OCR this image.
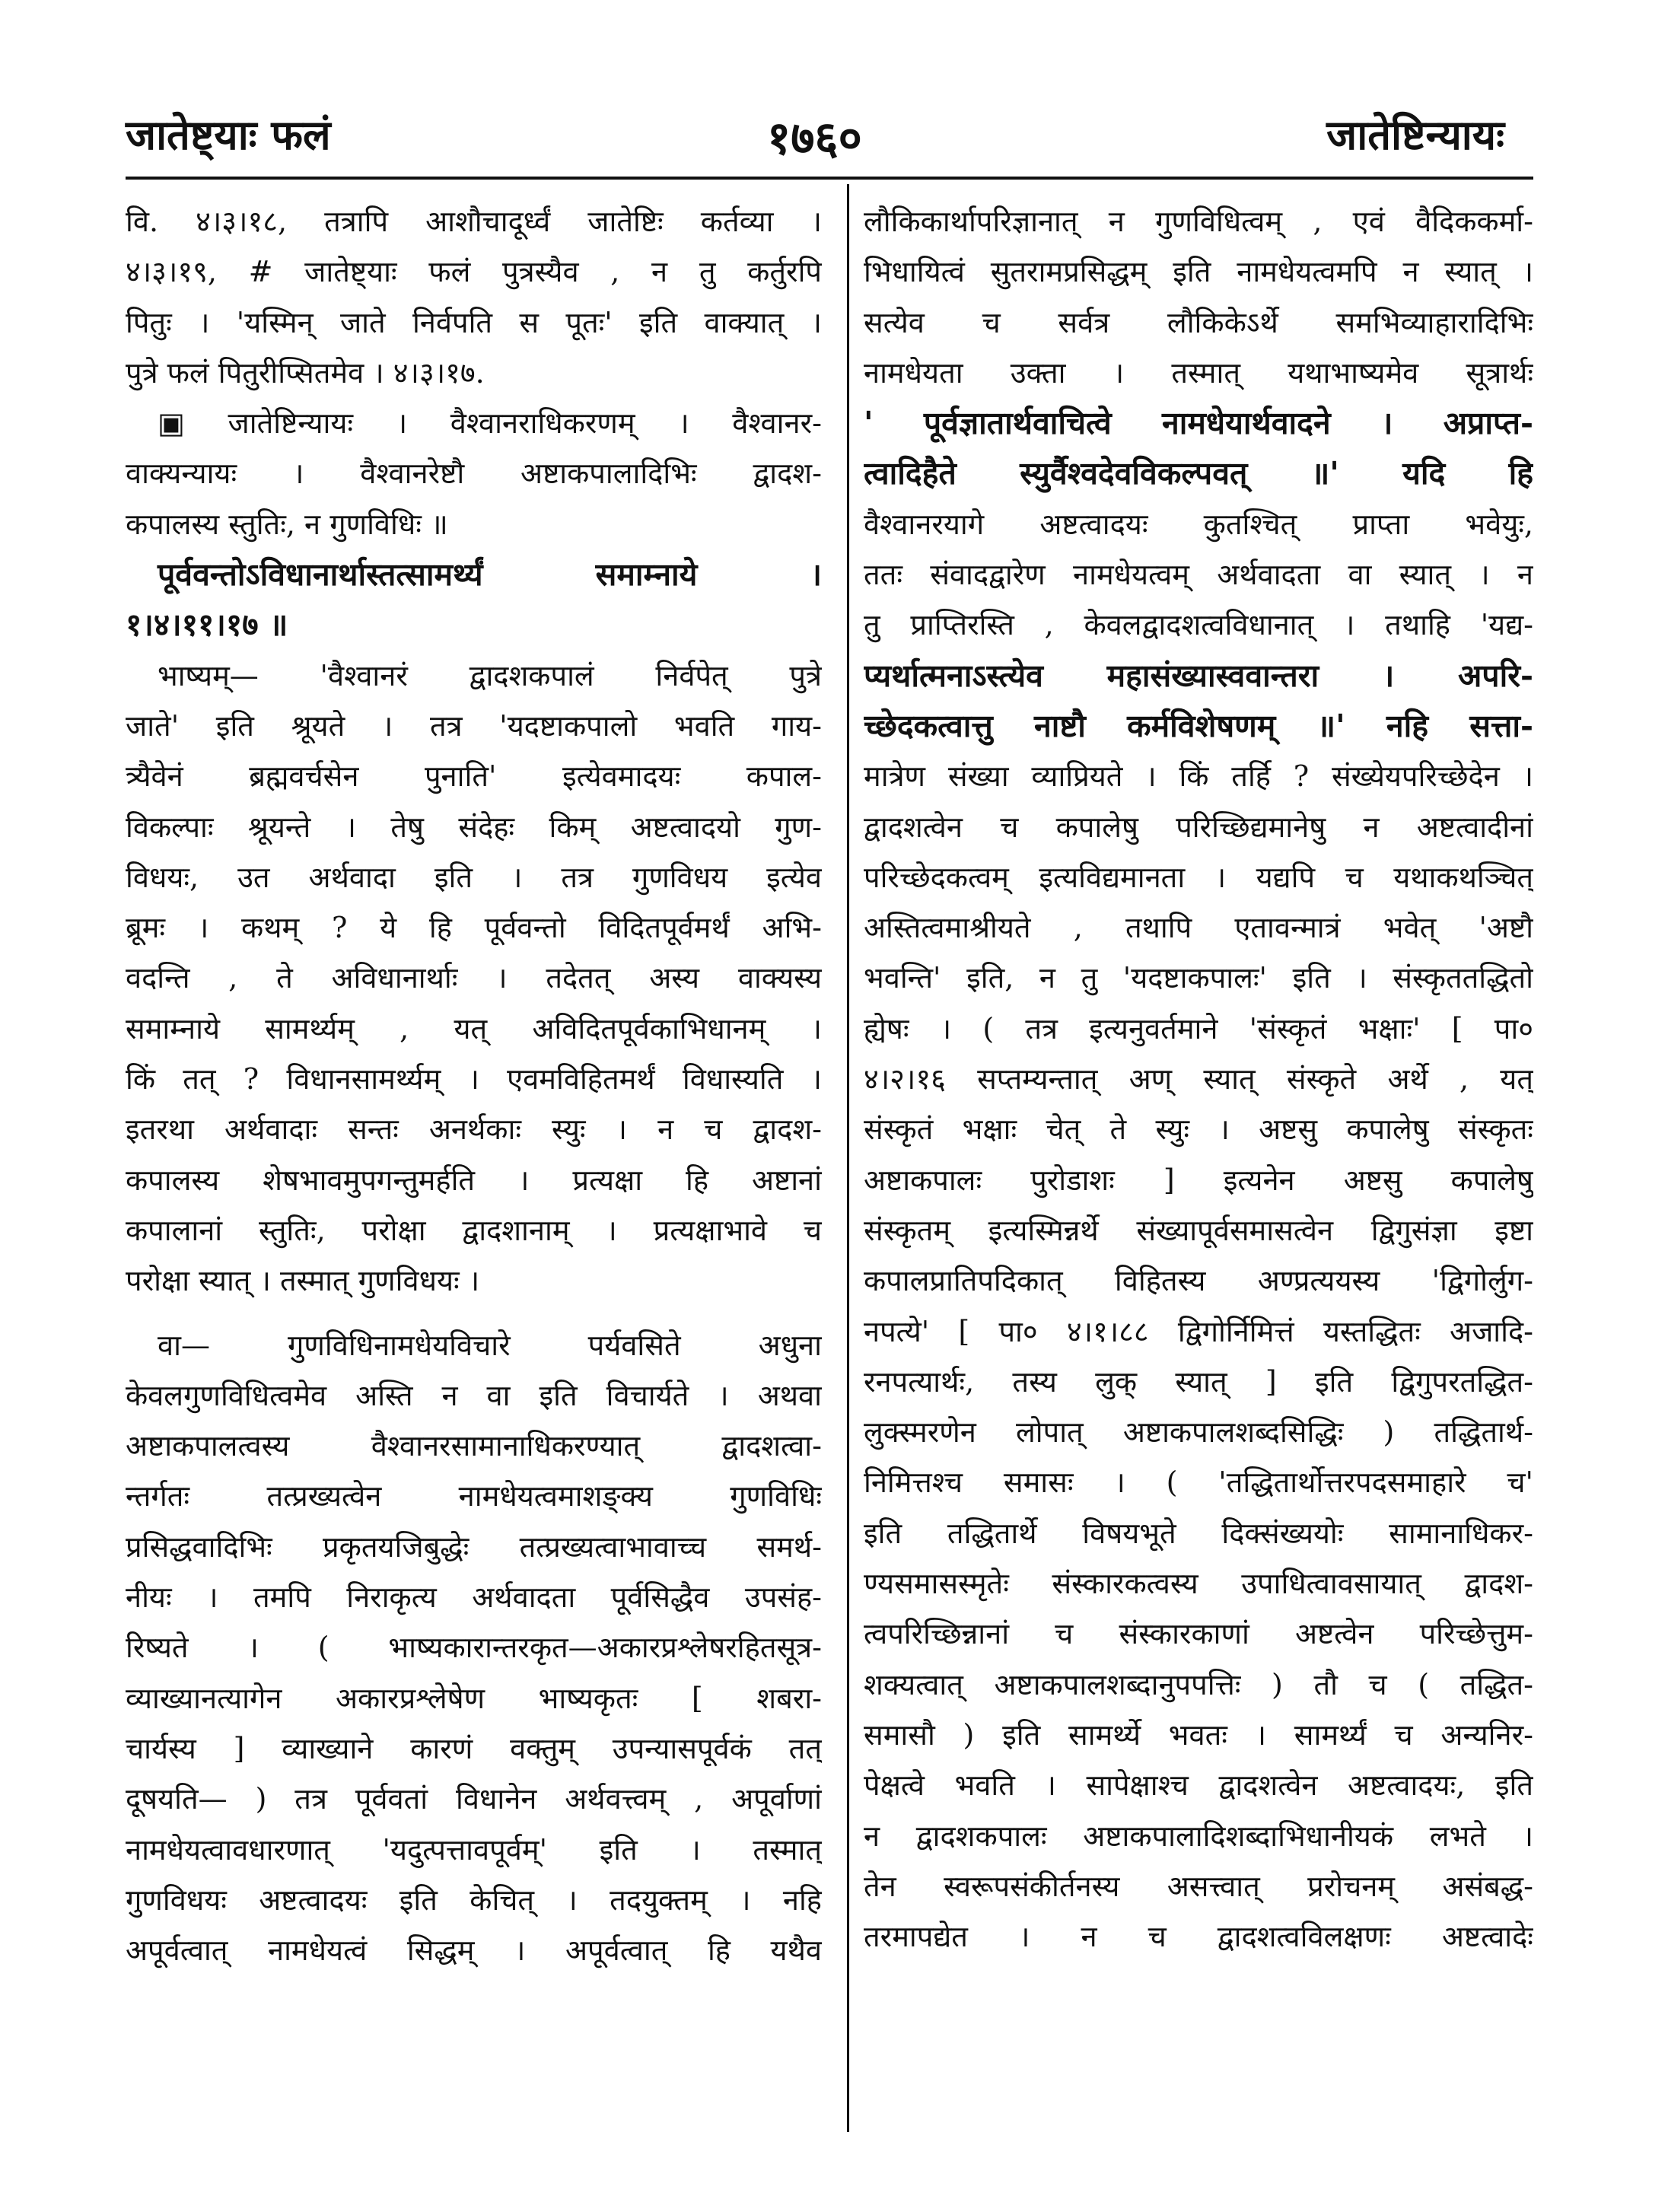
जातेष्ट्याः फलं	१७६०	जातेष्टिन्यायः
वि. ४।३।१८, तत्रापि आशौचादूर्ध्वं जातेष्टिः कर्तव्या ।
४।३।१९, # जातेष्ट्याः फलं पुत्रस्यैव , न तु कर्तुरपि
पितुः । 'यस्मिन् जाते निर्वपति स पूतः' इति वाक्यात् ।
पुत्रे फलं पितुरीप्सितमेव । ४।३।१७.
▣ जातेष्टिन्यायः । वैश्वानराधिकरणम् । वैश्वानर-
वाक्यन्यायः । वैश्वानरेष्टौ अष्टाकपालादिभिः द्वादश-
कपालस्य स्तुतिः, न गुणविधिः ॥
पूर्ववन्तोऽविधानार्थास्तत्सामर्थ्यं समाम्नाये ।
१।४।११।१७ ॥
भाष्यम्— 'वैश्वानरं द्वादशकपालं निर्वपेत् पुत्रे
जाते' इति श्रूयते । तत्र 'यदष्टाकपालो भवति गाय-
त्र्यैवेनं ब्रह्मवर्चसेन पुनाति' इत्येवमादयः कपाल-
विकल्पाः श्रूयन्ते । तेषु संदेहः किम् अष्टत्वादयो गुण-
विधयः, उत अर्थवादा इति । तत्र गुणविधय इत्येव
ब्रूमः । कथम् ? ये हि पूर्ववन्तो विदितपूर्वमर्थं अभि-
वदन्ति , ते अविधानार्थाः । तदेतत् अस्य वाक्यस्य
समाम्नाये सामर्थ्यम् , यत् अविदितपूर्वकाभिधानम् ।
किं तत् ? विधानसामर्थ्यम् । एवमविहितमर्थं विधास्यति ।
इतरथा अर्थवादाः सन्तः अनर्थकाः स्युः । न च द्वादश-
कपालस्य शेषभावमुपगन्तुमर्हति । प्रत्यक्षा हि अष्टानां
कपालानां स्तुतिः, परोक्षा द्वादशानाम् । प्रत्यक्षाभावे च
परोक्षा स्यात् । तस्मात् गुणविधयः ।
वा— गुणविधिनामधेयविचारे पर्यवसिते अधुना
केवलगुणविधित्वमेव अस्ति न वा इति विचार्यते । अथवा
अष्टाकपालत्वस्य वैश्वानरसामानाधिकरण्यात् द्वादशत्वा-
न्तर्गतः तत्प्रख्यत्वेन नामधेयत्वमाशङ्क्य गुणविधिः
प्रसिद्धवादिभिः प्रकृतयजिबुद्धेः तत्प्रख्यत्वाभावाच्च समर्थ-
नीयः । तमपि निराकृत्य अर्थवादता पूर्वसिद्धैव उपसंह-
रिष्यते । ( भाष्यकारान्तरकृत—अकारप्रश्लेषरहितसूत्र-
व्याख्यानत्यागेन अकारप्रश्लेषेण भाष्यकृतः [ शबरा-
चार्यस्य ] व्याख्याने कारणं वक्तुम् उपन्यासपूर्वकं तत्
दूषयति— ) तत्र पूर्ववतां विधानेन अर्थवत्त्वम् , अपूर्वाणां
नामधेयत्वावधारणात् 'यदुत्पत्तावपूर्वम्' इति । तस्मात्
गुणविधयः अष्टत्वादयः इति केचित् । तदयुक्तम् । नहि
अपूर्वत्वात् नामधेयत्वं सिद्धम् । अपूर्वत्वात् हि यथैव
लौकिकार्थापरिज्ञानात् न गुणविधित्वम् , एवं वैदिककर्मा-
भिधायित्वं सुतरामप्रसिद्धम् इति नामधेयत्वमपि न स्यात् ।
सत्येव च सर्वत्र लौकिकेऽर्थे समभिव्याहारादिभिः
नामधेयता उक्ता । तस्मात् यथाभाष्यमेव सूत्रार्थः
' पूर्वज्ञातार्थवाचित्वे नामधेयार्थवादने । अप्राप्त-
त्वादिहैते स्युर्वैश्वदेवविकल्पवत् ॥' यदि हि
वैश्वानरयागे अष्टत्वादयः कुतश्चित् प्राप्ता भवेयुः,
ततः संवादद्वारेण नामधेयत्वम् अर्थवादता वा स्यात् । न
तु प्राप्तिरस्ति , केवलद्वादशत्वविधानात् । तथाहि 'यद्य-
प्यर्थात्मनाऽस्त्येव महासंख्यास्ववान्तरा । अपरि-
च्छेदकत्वात्तु नाष्टौ कर्मविशेषणम् ॥' नहि सत्ता-
मात्रेण संख्या व्याप्रियते । किं तर्हि ? संख्येयपरिच्छेदेन ।
द्वादशत्वेन च कपालेषु परिच्छिद्यमानेषु न अष्टत्वादीनां
परिच्छेदकत्वम् इत्यविद्यमानता । यद्यपि च यथाकथञ्चित्
अस्तित्वमाश्रीयते , तथापि एतावन्मात्रं भवेत् 'अष्टौ
भवन्ति' इति, न तु 'यदष्टाकपालः' इति । संस्कृततद्धितो
ह्येषः । ( तत्र इत्यनुवर्तमाने 'संस्कृतं भक्षाः' [ पा०
४।२।१६ सप्तम्यन्तात् अण् स्यात् संस्कृते अर्थे , यत्
संस्कृतं भक्षाः चेत् ते स्युः । अष्टसु कपालेषु संस्कृतः
अष्टाकपालः पुरोडाशः ] इत्यनेन अष्टसु कपालेषु
संस्कृतम् इत्यस्मिन्नर्थे संख्यापूर्वसमासत्वेन द्विगुसंज्ञा इष्टा
कपालप्रातिपदिकात् विहितस्य अण्प्रत्ययस्य 'द्विगोर्लुग-
नपत्ये' [ पा० ४।१।८८ द्विगोर्निमित्तं यस्तद्धितः अजादि-
रनपत्यार्थः, तस्य लुक् स्यात् ] इति द्विगुपरतद्धित-
लुक्स्मरणेन लोपात् अष्टाकपालशब्दसिद्धिः ) तद्धितार्थ-
निमित्तश्च समासः । ( 'तद्धितार्थोत्तरपदसमाहारे च'
इति तद्धितार्थे विषयभूते दिक्संख्ययोः सामानाधिकर-
ण्यसमासस्मृतेः संस्कारकत्वस्य उपाधित्वावसायात् द्वादश-
त्वपरिच्छिन्नानां च संस्कारकाणां अष्टत्वेन परिच्छेत्तुम-
शक्यत्वात् अष्टाकपालशब्दानुपपत्तिः ) तौ च ( तद्धित-
समासौ ) इति सामर्थ्ये भवतः । सामर्थ्यं च अन्यनिर-
पेक्षत्वे भवति । सापेक्षाश्च द्वादशत्वेन अष्टत्वादयः, इति
न द्वादशकपालः अष्टाकपालादिशब्दाभिधानीयकं लभते ।
तेन स्वरूपसंकीर्तनस्य असत्त्वात् प्ररोचनम् असंबद्ध-
तरमापद्येत । न च द्वादशत्वविलक्षणः अष्टत्वादेः
